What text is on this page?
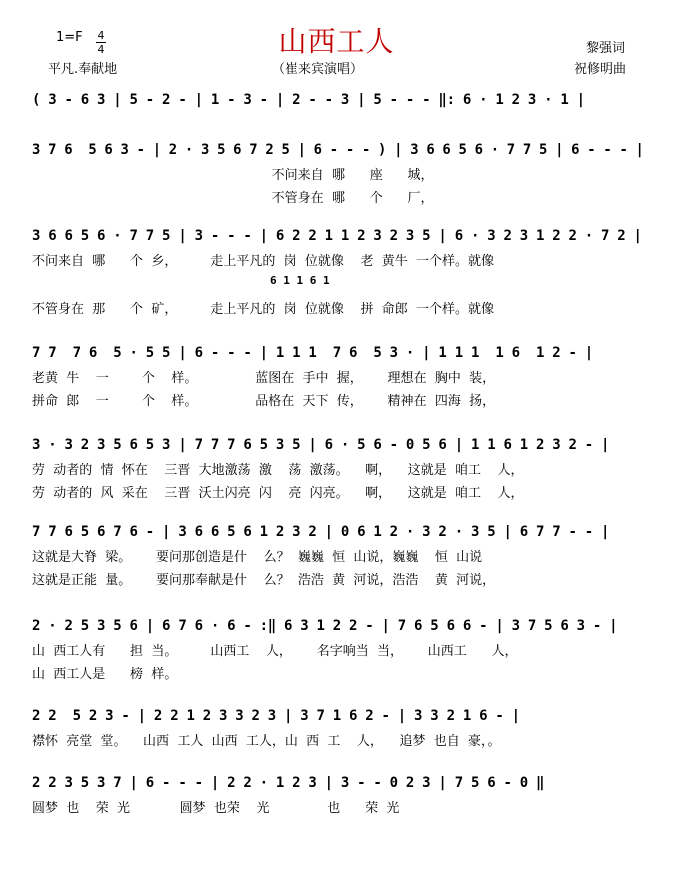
山西工人
1=F 4
4
平凡.奉献地	（崔来宾演唱）
黎强词
祝修明曲
( 3 - 6 3 | 5 - 2 - | 1 - 3 - | 2 - - 3 | 5 - - - ‖: 6 · 1 2 3 · 1 |
3 7 6  5 6 3 - | 2 · 3 5 6 7 2 5 | 6 - - - ) | 3 6 6 5 6 · 7 7 5 | 6 - - - |
不问来自  哪      座      城，
不管身在  哪      个      厂，
3 6 6 5 6 · 7 7 5 | 3 - - - | 6 2 2 1 1 2 3 2 3 5 | 6 · 3 2 3 1 2 2 · 7 2 |
6 1 1 6 1
不问来自  哪      个  乡，        走上平凡的  岗  位就像    老  黄牛  一个样。就像
不管身在  那      个  矿，        走上平凡的  岗  位就像    拼  命郎  一个样。就像
7 7  7 6  5 · 5 5 | 6 - - - | 1 1 1  7 6  5 3 · | 1 1 1  1 6  1 2 - |
老黄  牛    一        个    样。              蓝图在  手中  握，      理想在  胸中  装，
拼命  郎    一        个    样。              品格在  天下  传，      精神在  四海  扬，
3 · 3 2 3 5 6 5 3 | 7 7 7 6 5 3 5 | 6 · 5 6 - 0 5 6 | 1 1 6 1 2 3 2 - |
劳  动者的  情  怀在    三晋  大地激荡  激    荡  激荡。    啊，    这就是  咱工    人，
劳  动者的  风  采在    三晋  沃土闪亮  闪    亮  闪亮。    啊，    这就是  咱工    人，
7 7 6 5 6 7 6 - | 3 6 6 5 6 1 2 3 2 | 0 6 1 2 · 3 2 · 3 5 | 6 7 7 - - |
这就是大脊  梁。      要问那创造是什    么？  巍巍  恒  山说，巍巍    恒  山说
这就是正能  量。      要问那奉献是什    么？  浩浩  黄  河说，浩浩    黄  河说，
2 · 2 5 3 5 6 | 6 7 6 · 6 - :‖ 6 3 1 2 2 - | 7 6 5 6 6 - | 3 7 5 6 3 - |
山  西工人有      担  当。        山西工    人，      名字响当  当，      山西工      人，
山  西工人是      榜  样。
2 2  5 2 3 - | 2 2 1 2 3 3 2 3 | 3 7 1 6 2 - | 3 3 2 1 6 - |
襟怀  亮堂  堂。    山西  工人  山西  工人，山  西  工    人，    追梦  也自  豪，。
2 2 3 5 3 7 | 6 - - - | 2 2 · 1 2 3 | 3 - - 0 2 3 | 7 5 6 - 0 ‖
圆梦  也    荣  光            圆梦  也荣    光              也      荣  光
